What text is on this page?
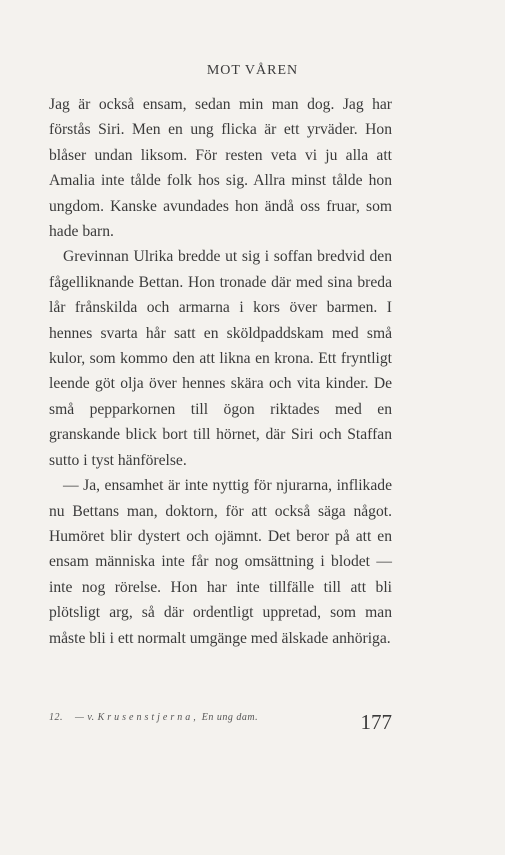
MOT VÅREN

Jag är också ensam, sedan min man dog. Jag har förstås Siri. Men en ung flicka är ett yrväder. Hon blåser undan liksom. För resten veta vi ju alla att Amalia inte tålde folk hos sig. Allra minst tålde hon ungdom. Kanske avundades hon ändå oss fruar, som hade barn.

Grevinnan Ulrika bredde ut sig i soffan bredvid den fågelliknande Bettan. Hon tronade där med sina breda lår frånskilda och armarna i kors över barmen. I hennes svarta hår satt en sköldpaddskam med små kulor, som kommo den att likna en krona. Ett fryntligt leende göt olja över hennes skära och vita kinder. De små pepparkornen till ögon riktades med en granskande blick bort till hörnet, där Siri och Staffan sutto i tyst hänförelse.

— Ja, ensamhet är inte nyttig för njurarna, inflikade nu Bettans man, doktorn, för att också säga något. Humöret blir dystert och ojämnt. Det beror på att en ensam människa inte får nog omsättning i blodet — inte nog rörelse. Hon har inte tillfälle till att bli plötsligt arg, så där ordentligt uppretad, som man måste bli i ett normalt umgänge med älskade anhöriga.

12. — v. Krusenstjerna, En ung dam.	177
